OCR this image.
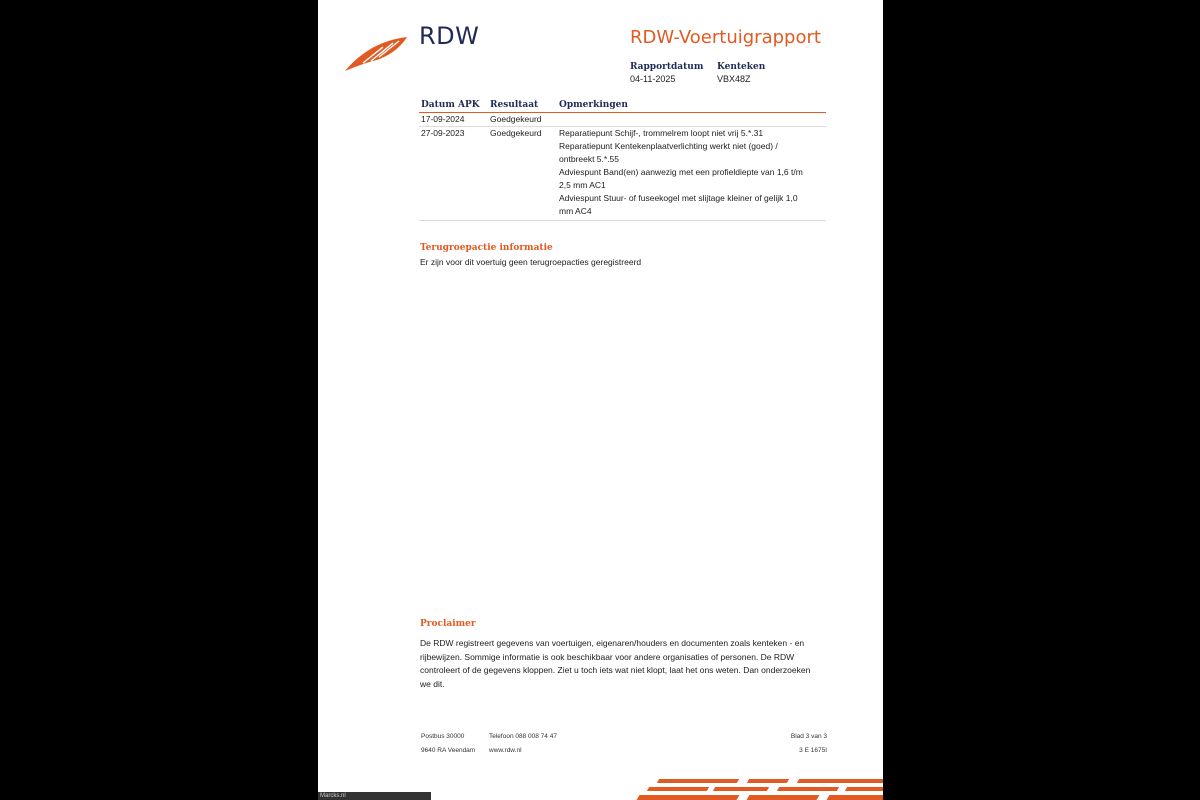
RDW	RDW-Voertuigrapport
Rapportdatum
04-11-2025
Kenteken
VBX48Z
Datum APK Resultaat Opmerkingen
17-09-2024	Goedgekeurd
27-09-2023	Goedgekeurd Reparatiepunt Schijf-, trommelrem loopt niet vrij 5.*.31
Reparatiepunt Kentekenplaatverlichting werkt niet (goed) / ontbreekt 5.*.55
Adviespunt Band(en) aanwezig met een profieldiepte van 1,6 t/m 2,5 mm AC1
Adviespunt Stuur- of fuseekogel met slijtage kleiner of gelijk 1,0 mm AC4
Terugroepactie informatie
Er zijn voor dit voertuig geen terugroepacties geregistreerd
Proclaimer
De RDW registreert gegevens van voertuigen, eigenaren/houders en documenten zoals kenteken - en rijbewijzen. Sommige informatie is ook beschikbaar voor andere organisaties of personen. De RDW controleert of de gegevens kloppen. Ziet u toch iets wat niet klopt, laat het ons weten. Dan onderzoeken we dit.
Postbus 30000
9640 RA Veendam
Telefoon 088 008 74 47
www.rdw.nl
Blad 3 van 3
3 E 1675I
Marcks.nl
